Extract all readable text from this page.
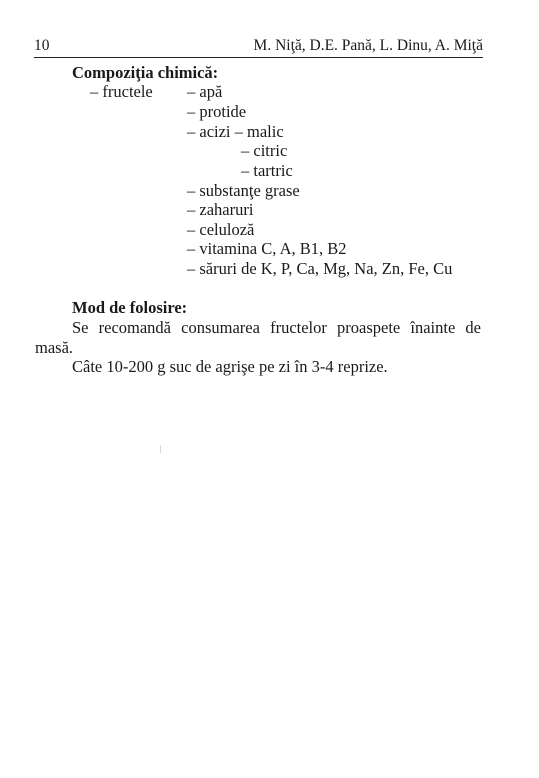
10	M. Niţă, D.E. Pană, L. Dinu, A. Miţă
Compoziţia chimică:
– fructele – apă
– protide
– acizi – malic
– citric
– tartric
– substanţe grase
– zaharuri
– celuloză
– vitamina C, A, B1, B2
– săruri de K, P, Ca, Mg, Na, Zn, Fe, Cu
Mod de folosire:
Se recomandă consumarea fructelor proaspete înainte de
masă.
Câte 10-200 g suc de agrişe pe zi în 3-4 reprize.
